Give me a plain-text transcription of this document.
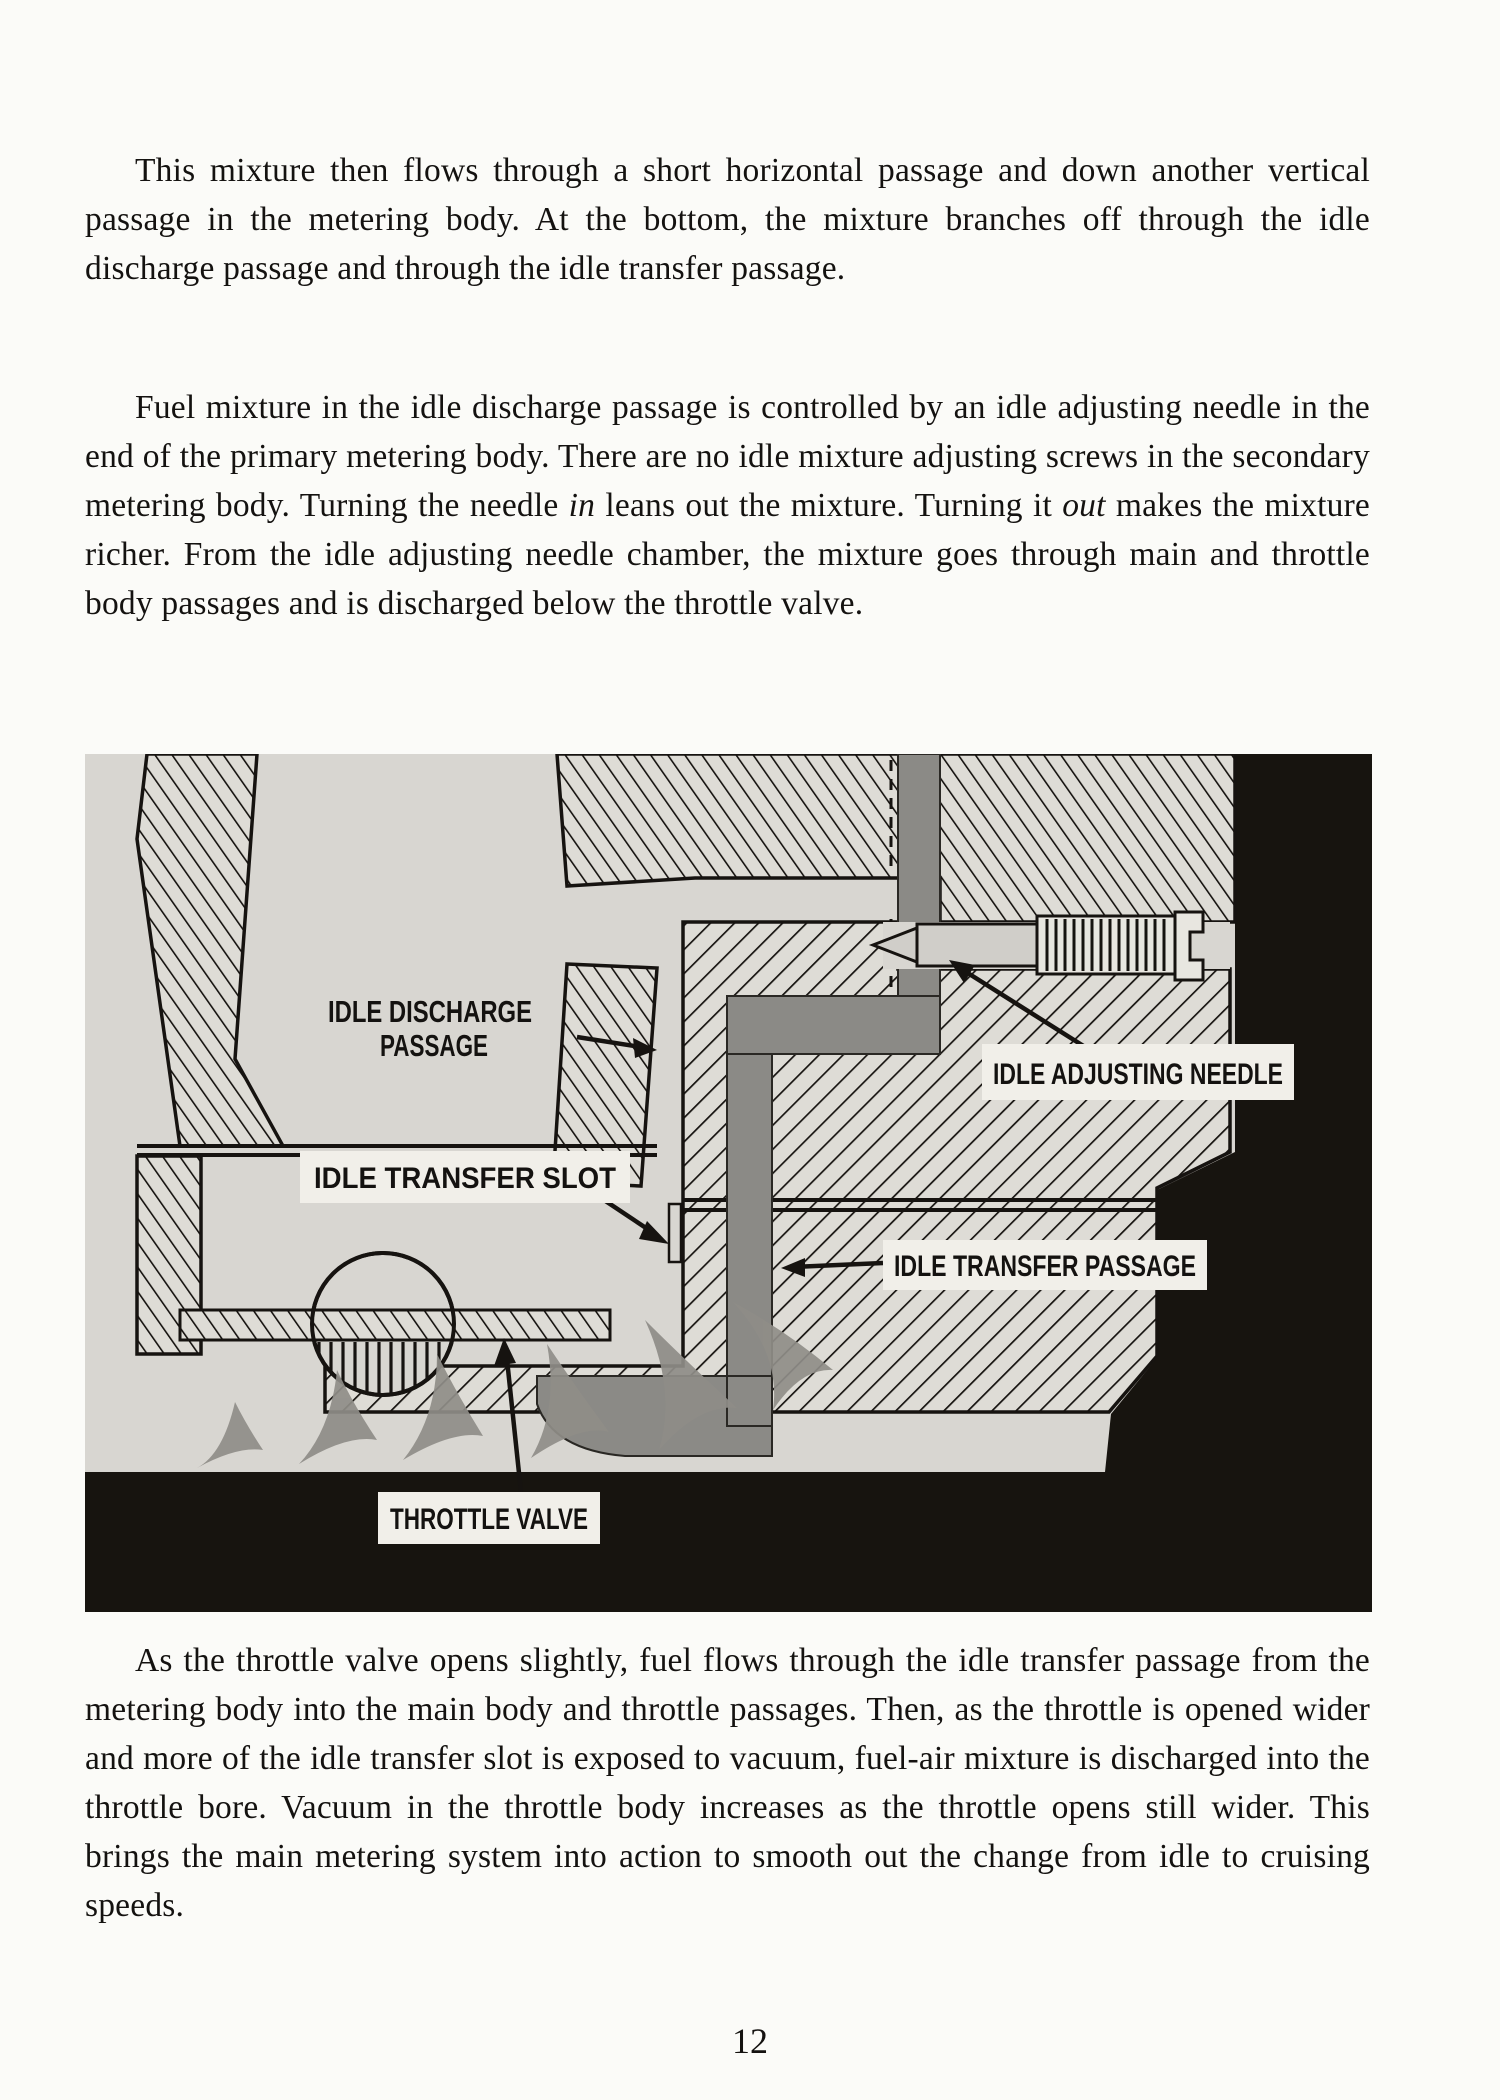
This mixture then flows through a short horizontal passage and down another vertical passage in the metering body. At the bottom, the mixture branches off through the idle discharge passage and through the idle transfer passage.

Fuel mixture in the idle discharge passage is controlled by an idle adjusting needle in the end of the primary metering body. There are no idle mixture adjusting screws in the secondary metering body. Turning the needle in leans out the mixture. Turning it out makes the mixture richer. From the idle adjusting needle chamber, the mixture goes through main and throttle body passages and is discharged below the throttle valve.

IDLE DISCHARGE
PASSAGE
IDLE TRANSFER SLOT
IDLE ADJUSTING NEEDLE
IDLE TRANSFER PASSAGE
THROTTLE VALVE

As the throttle valve opens slightly, fuel flows through the idle transfer passage from the metering body into the main body and throttle passages. Then, as the throttle is opened wider and more of the idle transfer slot is exposed to vacuum, fuel-air mixture is discharged into the throttle bore. Vacuum in the throttle body increases as the throttle opens still wider. This brings the main metering system into action to smooth out the change from idle to cruising speeds.

12
